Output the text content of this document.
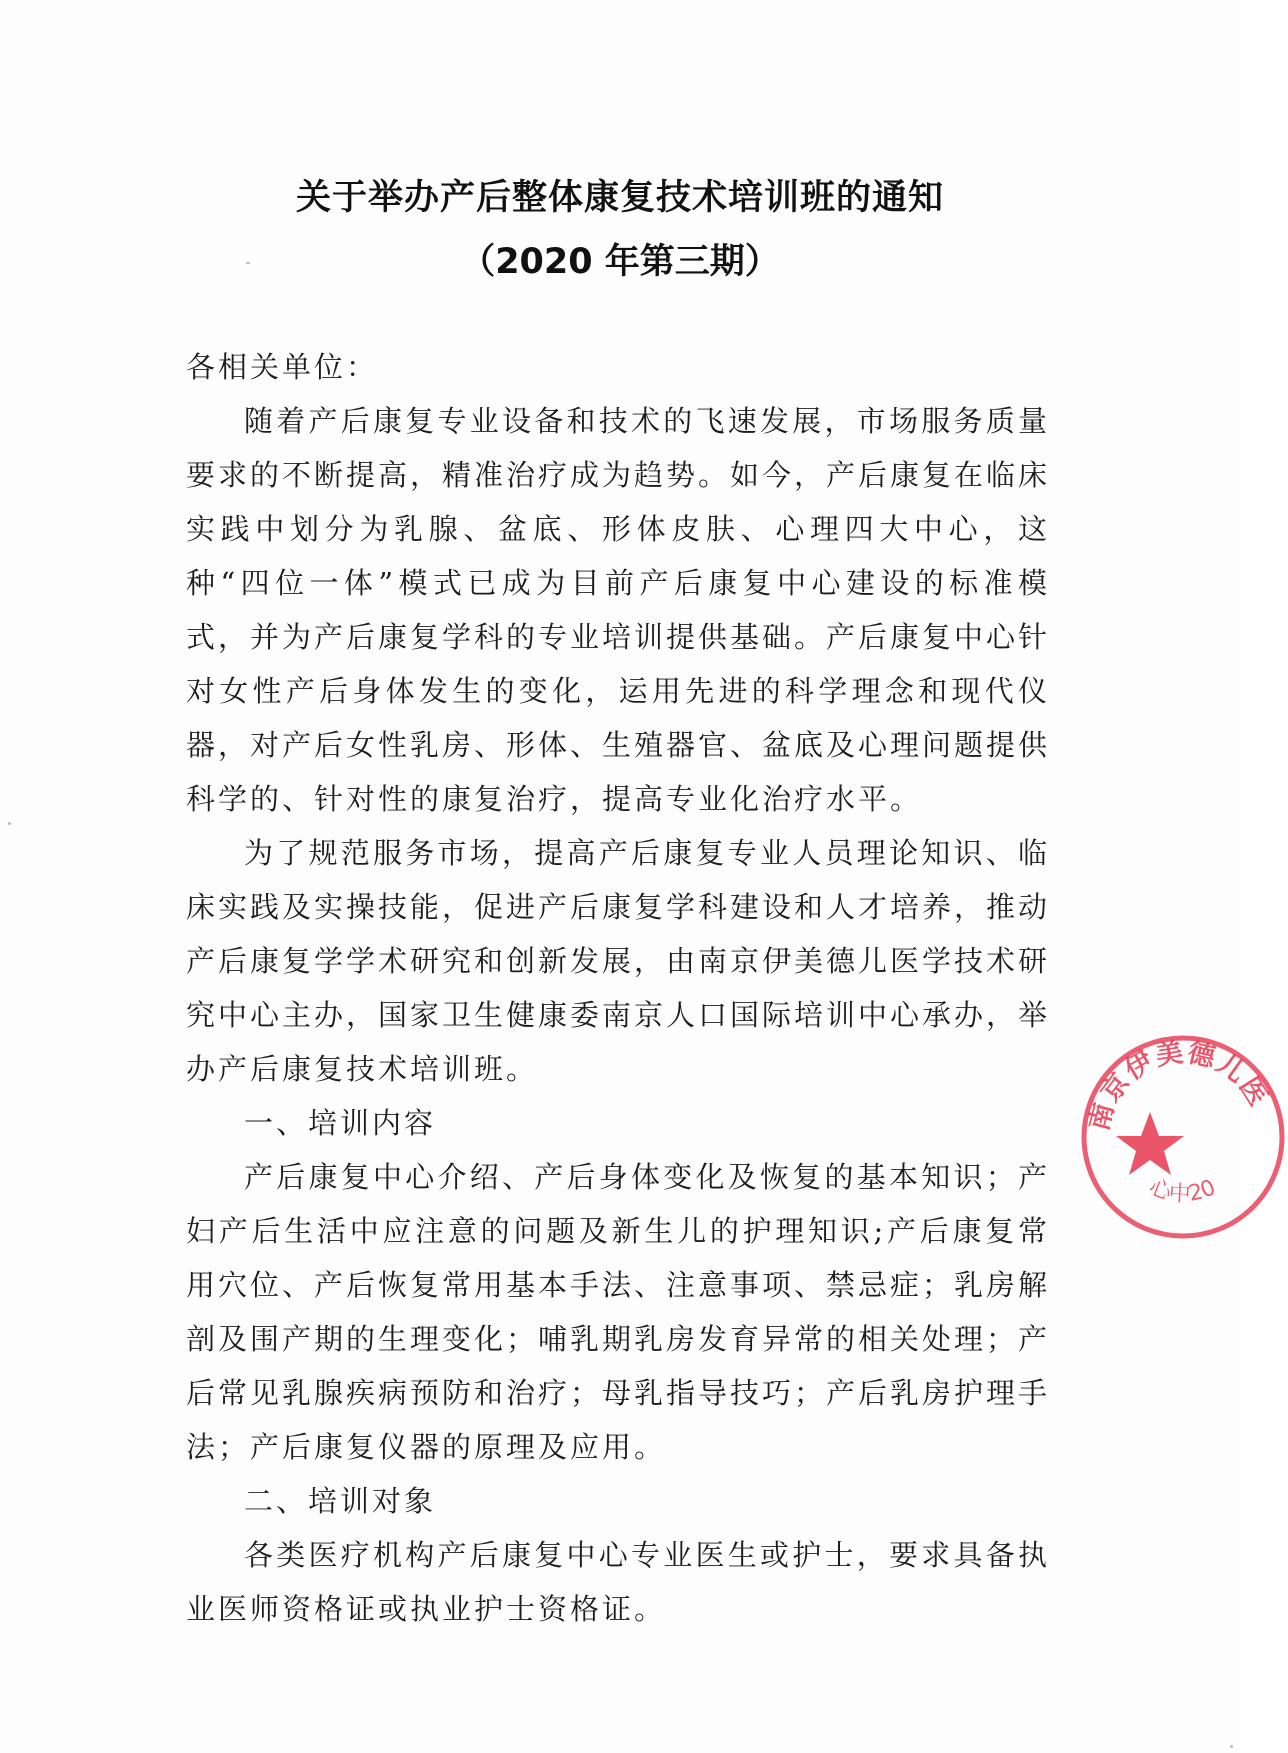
关于举办产后整体康复技术培训班的通知
（2020 年第三期）

各相关单位：

随着产后康复专业设备和技术的飞速发展，市场服务质量要求的不断提高，精准治疗成为趋势。如今，产后康复在临床实践中划分为乳腺、盆底、形体皮肤、心理四大中心，这种“四位一体”模式已成为目前产后康复中心建设的标准模式，并为产后康复学科的专业培训提供基础。产后康复中心针对女性产后身体发生的变化，运用先进的科学理念和现代仪器，对产后女性乳房、形体、生殖器官、盆底及心理问题提供科学的、针对性的康复治疗，提高专业化治疗水平。

为了规范服务市场，提高产后康复专业人员理论知识、临床实践及实操技能，促进产后康复学科建设和人才培养，推动产后康复学学术研究和创新发展，由南京伊美德儿医学技术研究中心主办，国家卫生健康委南京人口国际培训中心承办，举办产后康复技术培训班。

一、培训内容

产后康复中心介绍、产后身体变化及恢复的基本知识；产妇产后生活中应注意的问题及新生儿的护理知识;产后康复常用穴位、产后恢复常用基本手法、注意事项、禁忌症；乳房解剖及围产期的生理变化；哺乳期乳房发育异常的相关处理；产后常见乳腺疾病预防和治疗；母乳指导技巧；产后乳房护理手法；产后康复仪器的原理及应用。

二、培训对象

各类医疗机构产后康复中心专业医生或护士，要求具备执业医师资格证或执业护士资格证。

南京伊美德儿医
心中20
